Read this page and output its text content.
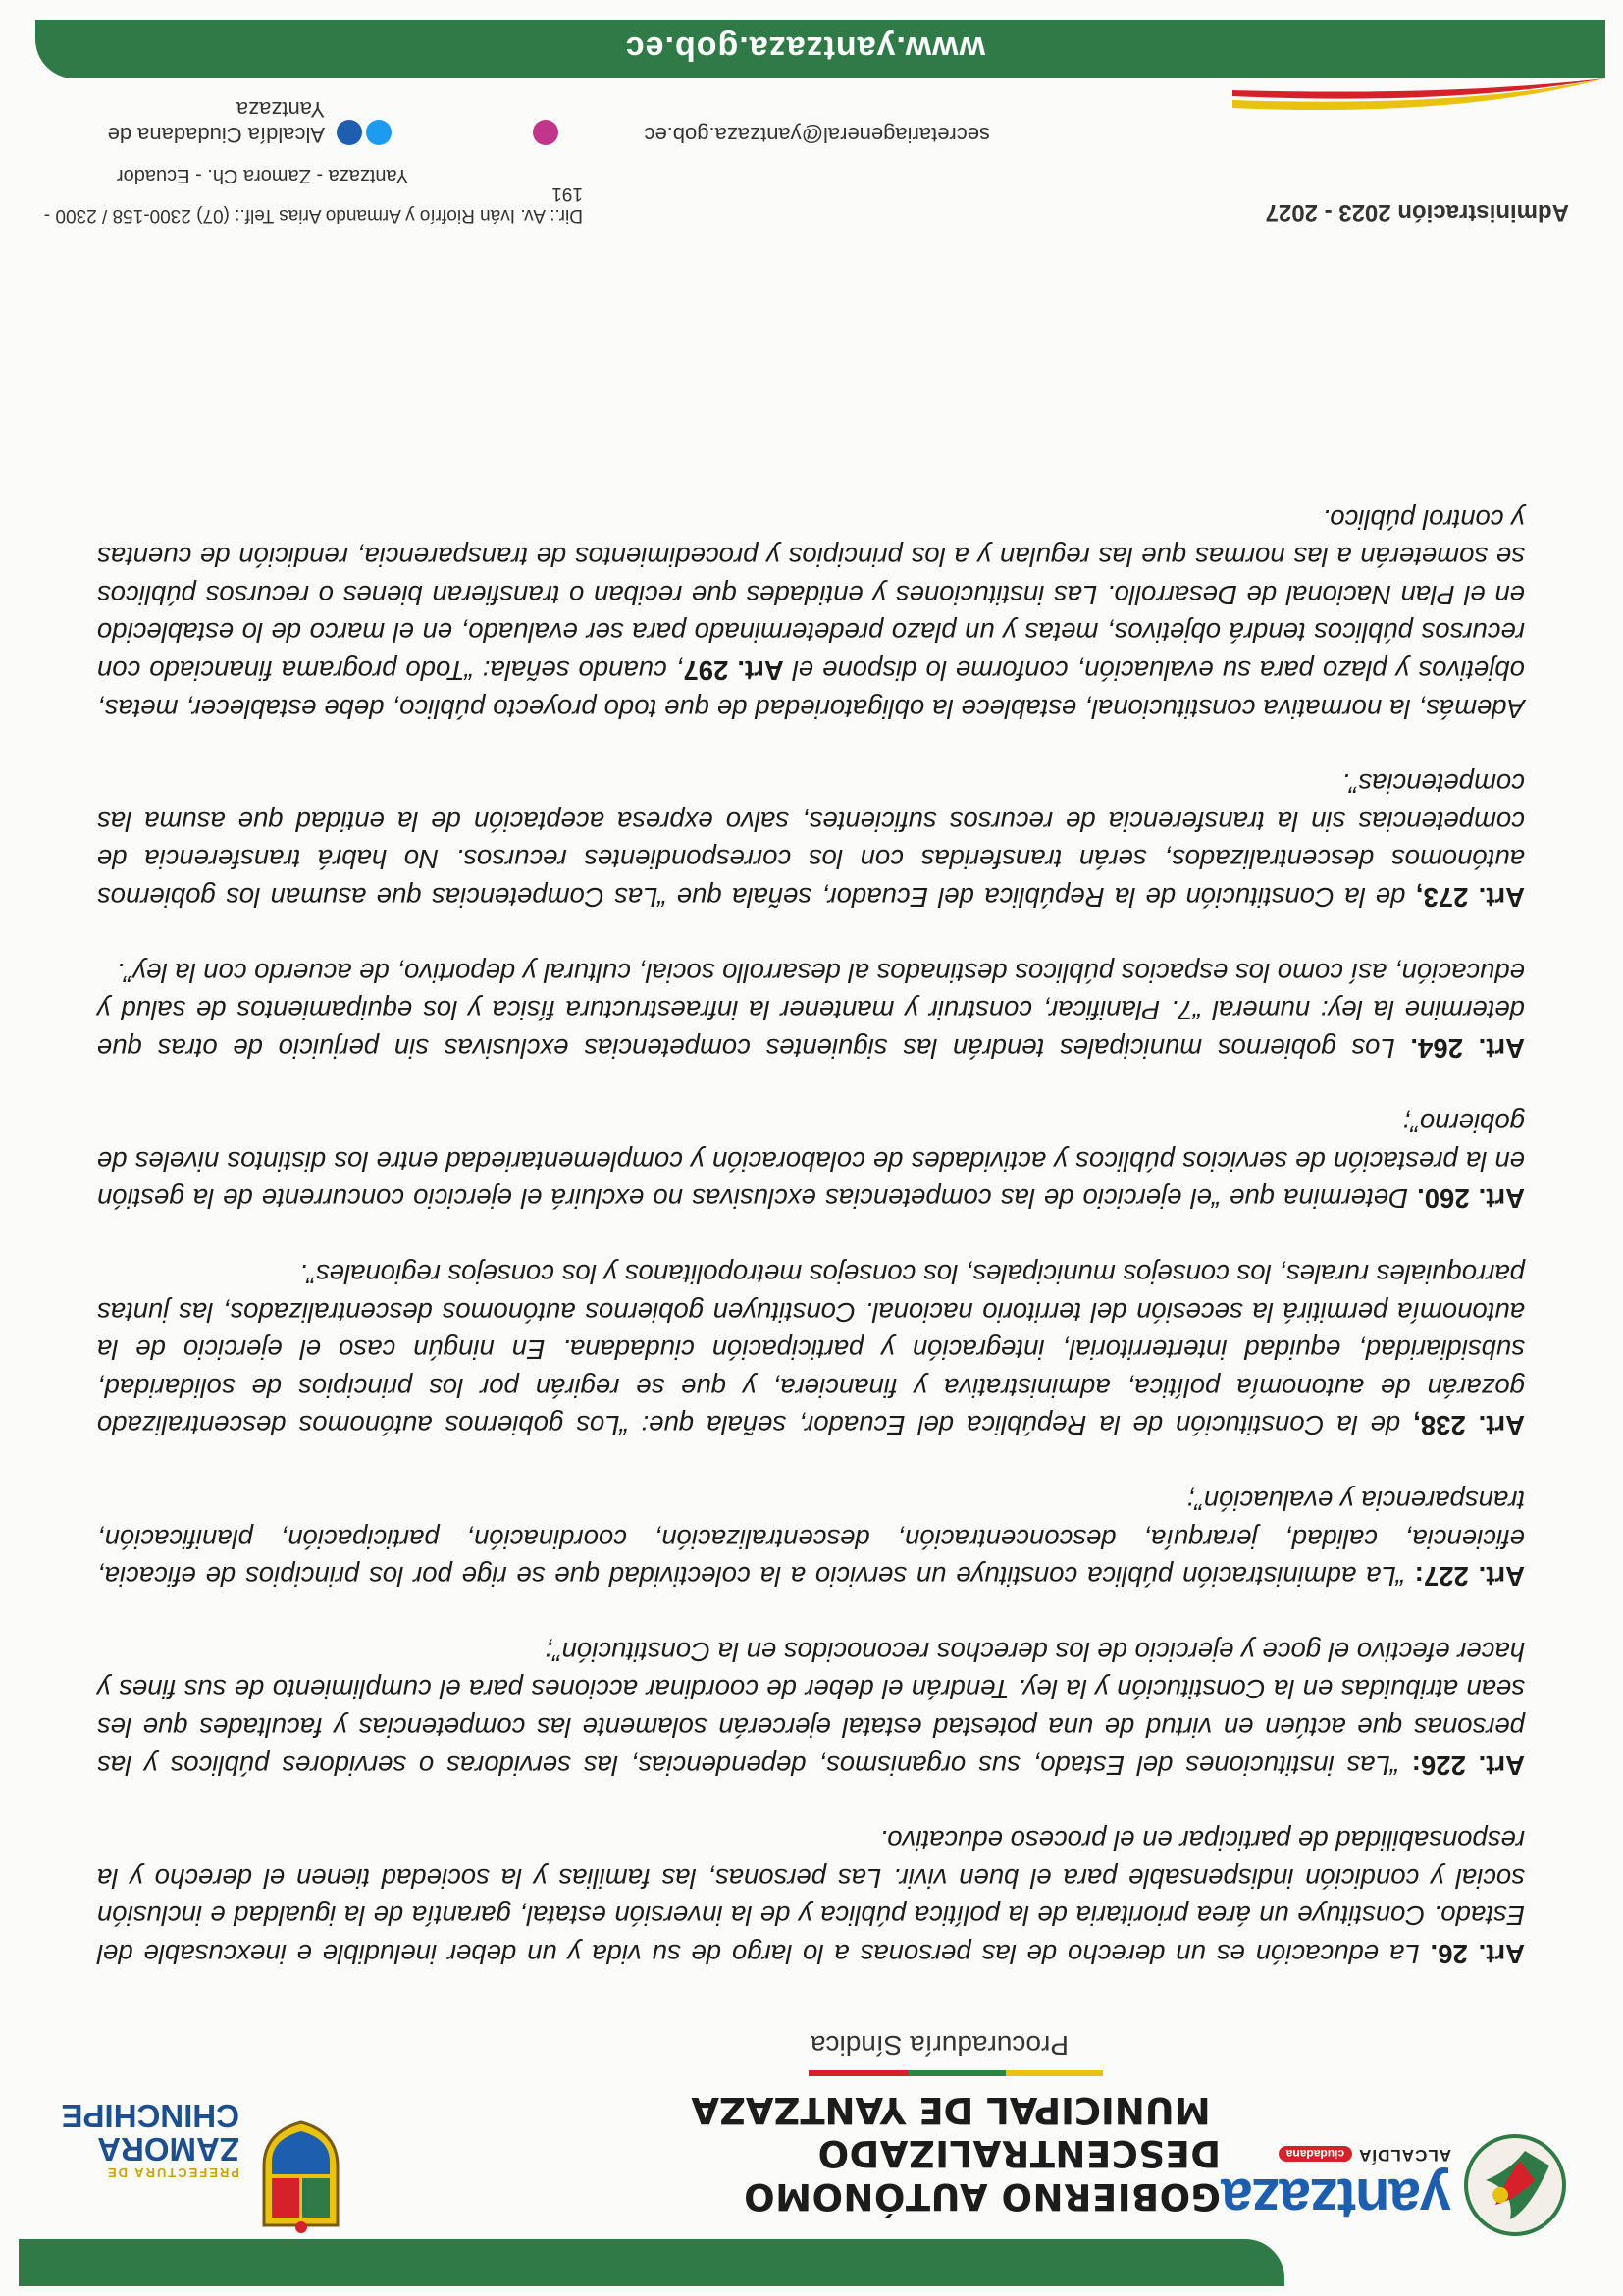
yantzaza
ALCALDÍAciudadana
GOBIERNO AUTÓNOMO DESCENTRALIZADO
MUNICIPAL DE YANTZAZA
Procuraduría Síndica
PREFECTURA DE
ZAMORA
CHINCHIPE

Art. 26. La educación es un derecho de las personas a lo largo de su vida y un deber ineludible e inexcusable del Estado. Constituye un área prioritaria de la política pública y de la inversión estatal, garantía de la igualdad e inclusión social y condición indispensable para el buen vivir. Las personas, las familias y la sociedad tienen el derecho y la responsabilidad de participar en el proceso educativo.

Art. 226: “Las instituciones del Estado, sus organismos, dependencias, las servidoras o servidores públicos y las personas que actúen en virtud de una potestad estatal ejercerán solamente las competencias y facultades que les sean atribuidas en la Constitución y la ley. Tendrán el deber de coordinar acciones para el cumplimiento de sus fines y hacer efectivo el goce y ejercicio de los derechos reconocidos en la Constitución”;

Art. 227: “La administración pública constituye un servicio a la colectividad que se rige por los principios de eficacia, eficiencia, calidad, jerarquía, desconcentración, descentralización, coordinación, participación, planificación, transparencia y evaluación”;

Art. 238, de la Constitución de la República del Ecuador, señala que: “Los gobiernos autónomos descentralizado gozarán de autonomía política, administrativa y financiera, y que se regirán por los principios de solidaridad, subsidiaridad, equidad interterritorial, integración y participación ciudadana. En ningún caso el ejercicio de la autonomía permitirá la secesión del territorio nacional. Constituyen gobiernos autónomos descentralizados, las juntas parroquiales rurales, los consejos municipales, los consejos metropolitanos y los consejos regionales”.

Art. 260. Determina que “el ejercicio de las competencias exclusivas no excluirá el ejercicio concurrente de la gestión en la prestación de servicios públicos y actividades de colaboración y complementariedad entre los distintos niveles de gobierno”;

Art. 264. Los gobiernos municipales tendrán las siguientes competencias exclusivas sin perjuicio de otras que determine la ley: numeral “7. Planificar, construir y mantener la infraestructura física y los equipamientos de salud y educación, así como los espacios públicos destinados al desarrollo social, cultural y deportivo, de acuerdo con la ley”.

Art. 273, de la Constitución de la República del Ecuador, señala que “Las Competencias que asuman los gobiernos autónomos descentralizados, serán transferidas con los correspondientes recursos. No habrá transferencia de competencias sin la transferencia de recursos suficientes, salvo expresa aceptación de la entidad que asuma las competencias”.

Además, la normativa constitucional, establece la obligatoriedad de que todo proyecto público, debe establecer, metas, objetivos y plazo para su evaluación, conforme lo dispone el Art. 297, cuando señala: “Todo programa financiado con recursos públicos tendrá objetivos, metas y un plazo predeterminado para ser evaluado, en el marco de lo establecido en el Plan Nacional de Desarrollo. Las instituciones y entidades que reciban o transfieran bienes o recursos públicos se someterán a las normas que las regulan y a los principios y procedimientos de transparencia, rendición de cuentas y control público.

Administración 2023 - 2027
Dir.: Av. Iván Riofrío y Armando Arias Telf.: (07) 2300-158 / 2300 - 191
Yantzaza - Zamora Ch. - Ecuador
secretariageneral@yantzaza.gob.ec
Alcaldía Ciudadana de Yantzaza
www.yantzaza.gob.ec
